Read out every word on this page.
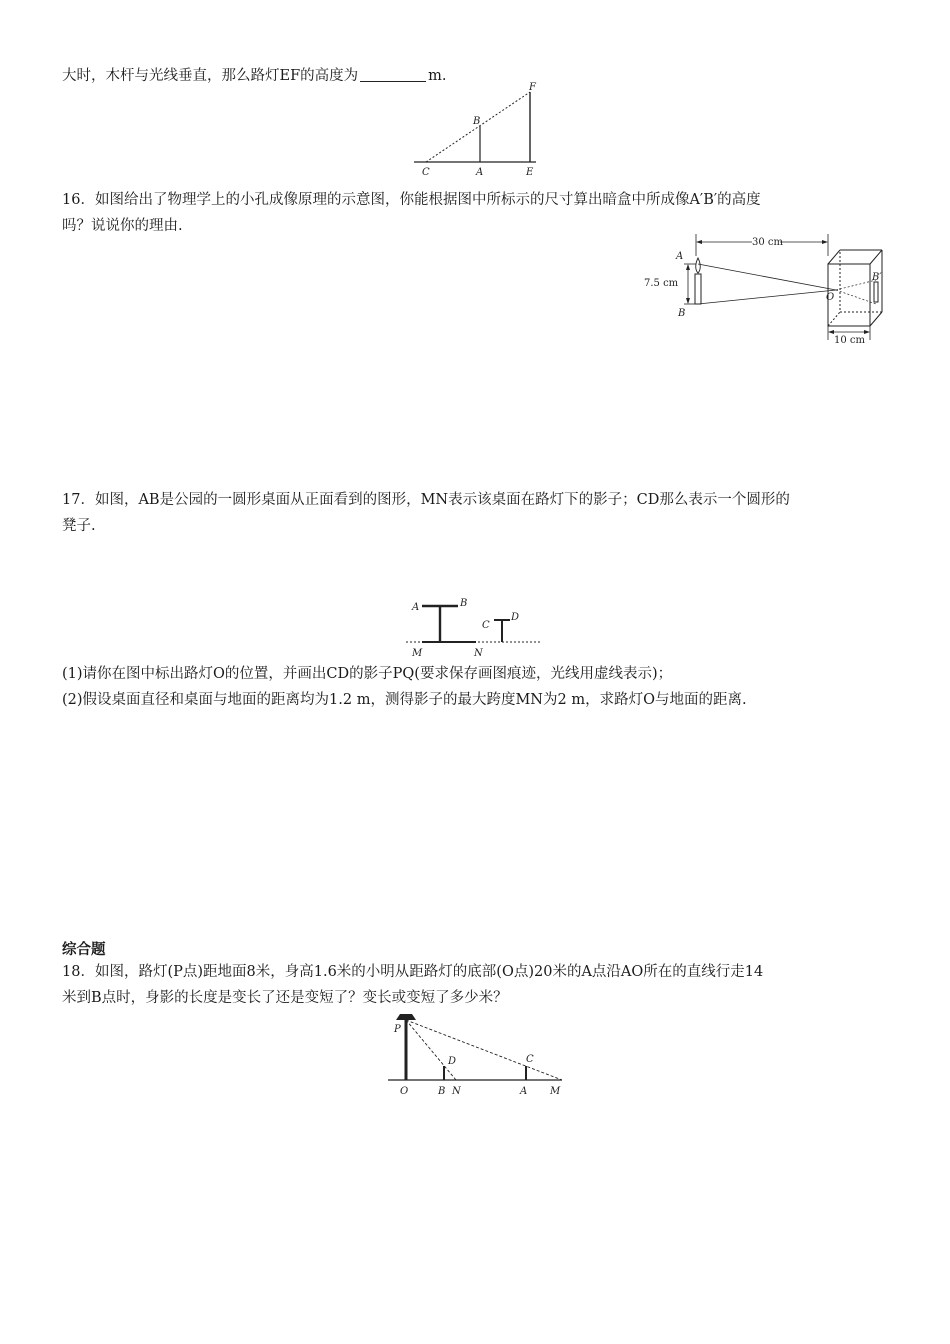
大时，木杆与光线垂直，那么路灯EF的高度为	m.
C	A	E
B
F
16．如图给出了物理学上的小孔成像原理的示意图，你能根据图中所标示的尺寸算出暗盒中所成像A′B′的高度
吗？说说你的理由.
30 cm
7.5 cm
A
B
O
B′
10 cm
17．如图，AB是公园的一圆形桌面从正面看到的图形，MN表示该桌面在路灯下的影子；CD那么表示一个圆形的
凳子.
A	B
C
D
M	N
(1)请你在图中标出路灯O的位置，并画出CD的影子PQ(要求保存画图痕迹，光线用虚线表示)；
(2)假设桌面直径和桌面与地面的距离均为1.2 m，测得影子的最大跨度MN为2 m，求路灯O与地面的距离.
综合题
18．如图，路灯(P点)距地面8米，身高1.6米的小明从距路灯的底部(O点)20米的A点沿AO所在的直线行走14
米到B点时，身影的长度是变长了还是变短了？变长或变短了多少米？
P
D	C
O	B N	A M
